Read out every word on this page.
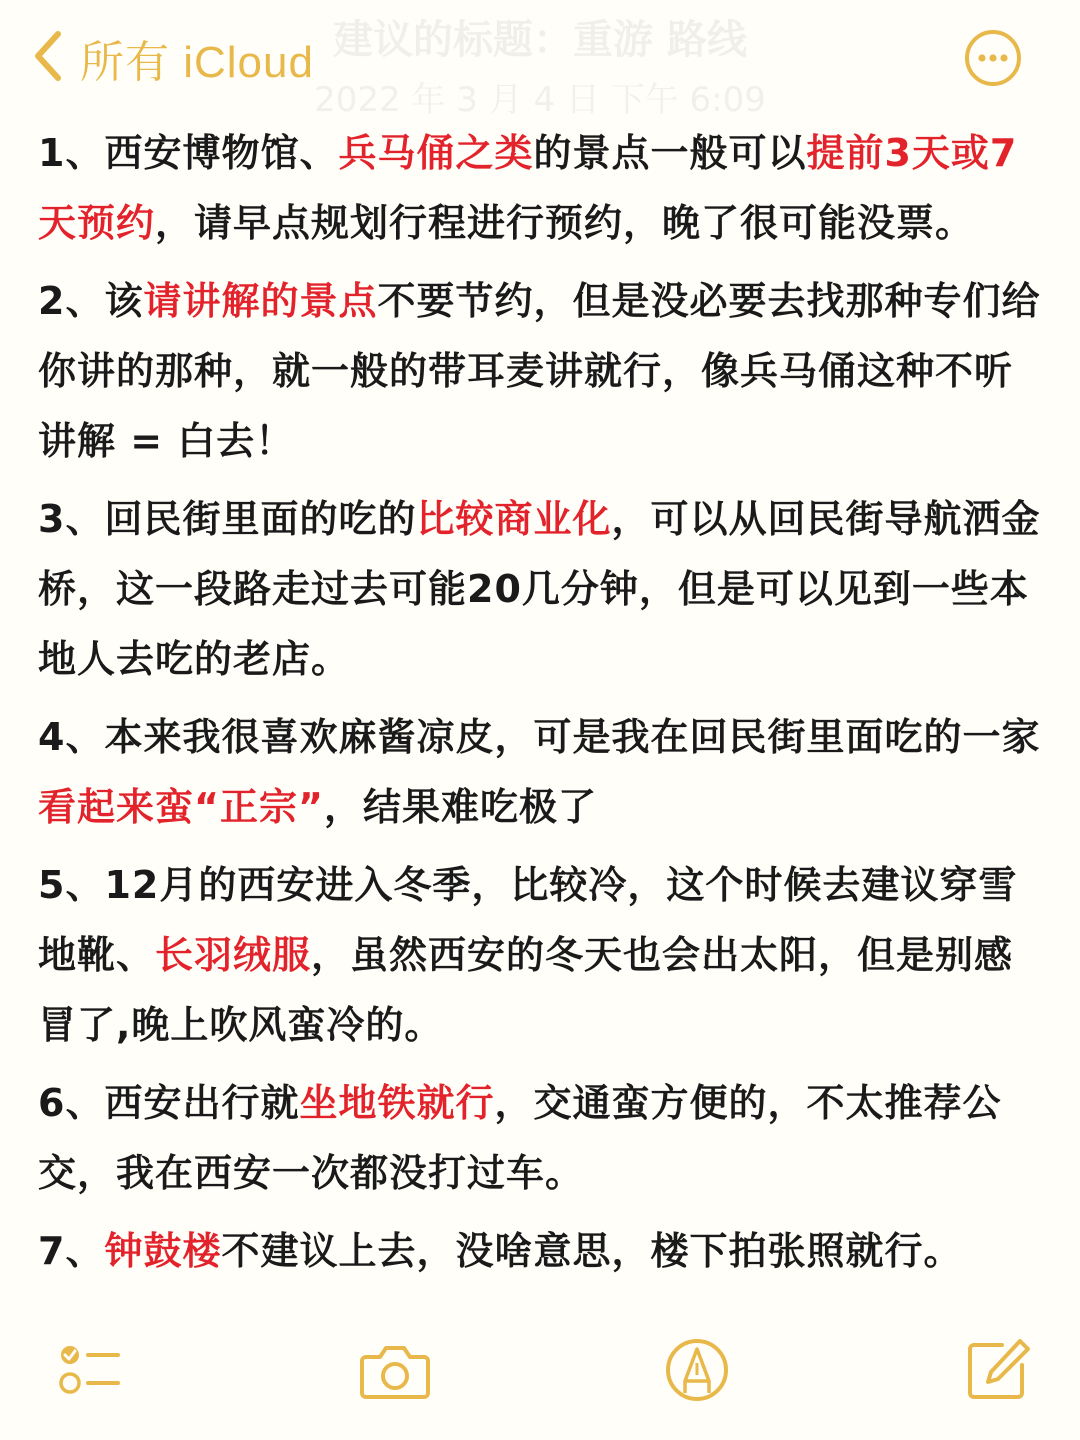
建议的标题：重游 路线
2022 年 3 月 4 日 下午 6:09
所有 iCloud

1、西安博物馆、兵马俑之类的景点一般可以提前3天或7天预约，请早点规划行程进行预约，晚了很可能没票。

2、该请讲解的景点不要节约，但是没必要去找那种专们给你讲的那种，就一般的带耳麦讲就行，像兵马俑这种不听讲解 = 白去！

3、回民街里面的吃的比较商业化，可以从回民街导航洒金桥，这一段路走过去可能20几分钟，但是可以见到一些本地人去吃的老店。

4、本来我很喜欢麻酱凉皮，可是我在回民街里面吃的一家看起来蛮“正宗”，结果难吃极了

5、12月的西安进入冬季，比较冷，这个时候去建议穿雪地靴、长羽绒服，虽然西安的冬天也会出太阳，但是别感冒了,晚上吹风蛮冷的。

6、西安出行就坐地铁就行，交通蛮方便的，不太推荐公交，我在西安一次都没打过车。

7、钟鼓楼不建议上去，没啥意思，楼下拍张照就行。
